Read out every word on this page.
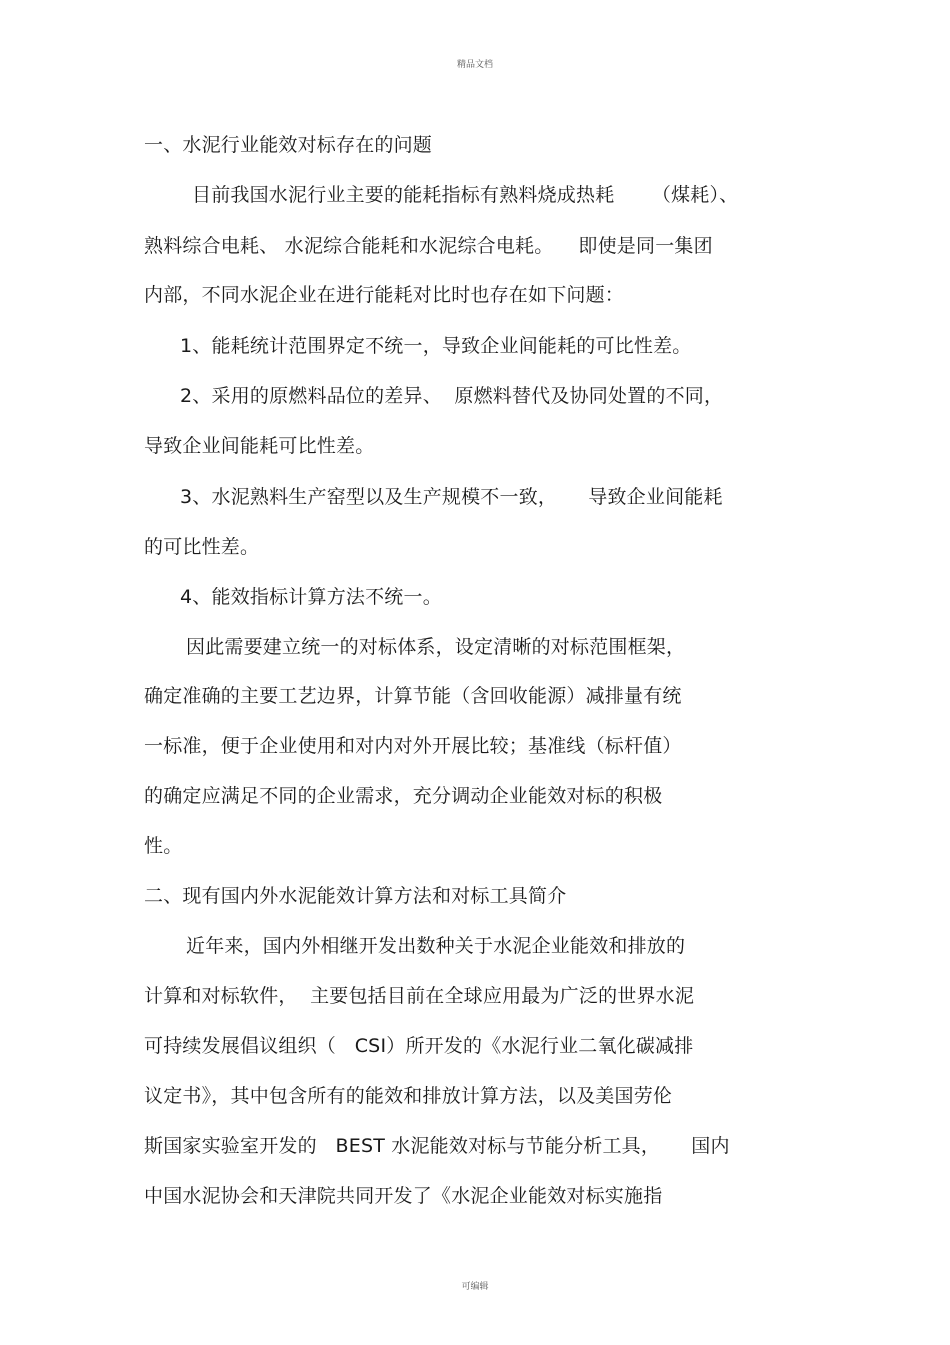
精品文档
一、水泥行业能效对标存在的问题
目前我国水泥行业主要的能耗指标有熟料烧成热耗      （煤耗）、
熟料综合电耗、 水泥综合能耗和水泥综合电耗。    即使是同一集团
内部，不同水泥企业在进行能耗对比时也存在如下问题：
1、能耗统计范围界定不统一，导致企业间能耗的可比性差。
2、采用的原燃料品位的差异、  原燃料替代及协同处置的不同，
导致企业间能耗可比性差。
3、水泥熟料生产窑型以及生产规模不一致，     导致企业间能耗
的可比性差。
4、能效指标计算方法不统一。
因此需要建立统一的对标体系，设定清晰的对标范围框架，
确定准确的主要工艺边界，计算节能（含回收能源）减排量有统
一标准，便于企业使用和对内对外开展比较；基准线（标杆值）
的确定应满足不同的企业需求，充分调动企业能效对标的积极
性。
二、现有国内外水泥能效计算方法和对标工具简介
近年来，国内外相继开发出数种关于水泥企业能效和排放的
计算和对标软件，  主要包括目前在全球应用最为广泛的世界水泥
可持续发展倡议组织（   CSI）所开发的《水泥行业二氧化碳减排
议定书》，其中包含所有的能效和排放计算方法，以及美国劳伦
斯国家实验室开发的   BEST 水泥能效对标与节能分析工具，     国内
中国水泥协会和天津院共同开发了《水泥企业能效对标实施指
可编辑
